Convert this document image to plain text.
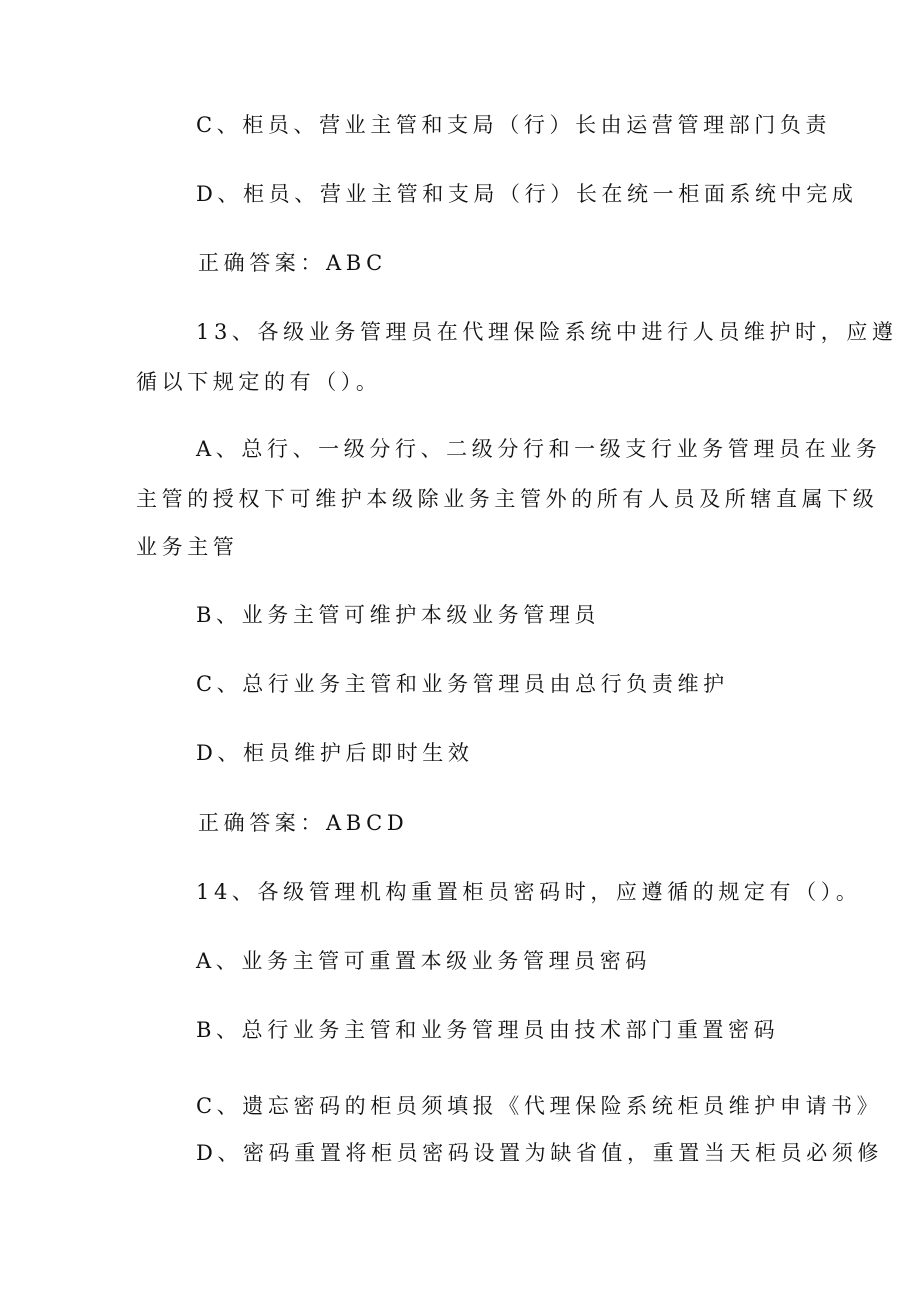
C、柜员、营业主管和支局（行）长由运营管理部门负责

D、柜员、营业主管和支局（行）长在统一柜面系统中完成

正确答案：ABC

13、各级业务管理员在代理保险系统中进行人员维护时，应遵

循以下规定的有（）。

A、总行、一级分行、二级分行和一级支行业务管理员在业务

主管的授权下可维护本级除业务主管外的所有人员及所辖直属下级

业务主管

B、业务主管可维护本级业务管理员

C、总行业务主管和业务管理员由总行负责维护

D、柜员维护后即时生效

正确答案：ABCD

14、各级管理机构重置柜员密码时，应遵循的规定有（）。

A、业务主管可重置本级业务管理员密码

B、总行业务主管和业务管理员由技术部门重置密码

C、遗忘密码的柜员须填报《代理保险系统柜员维护申请书》

D、密码重置将柜员密码设置为缺省值，重置当天柜员必须修
